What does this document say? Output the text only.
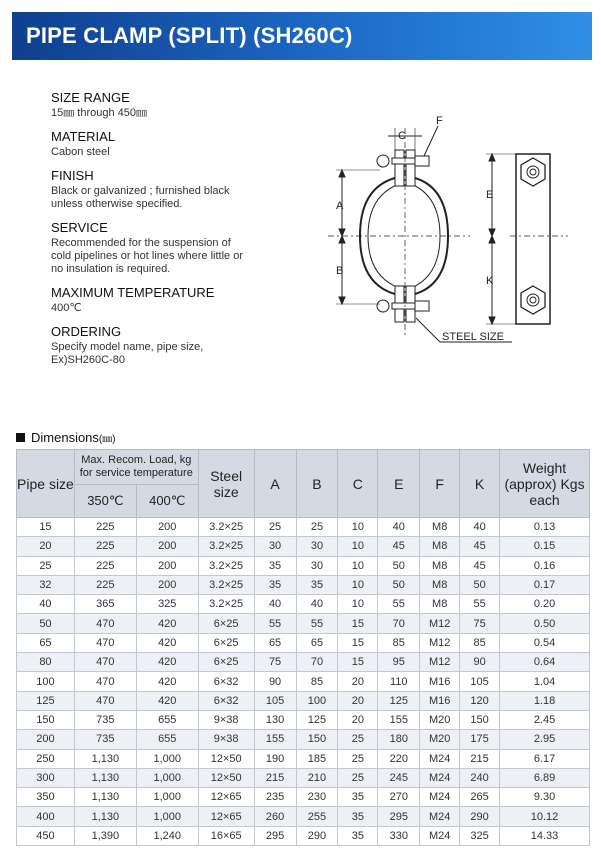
PIPE CLAMP (SPLIT) (SH260C)
SIZE RANGE
15㎜ through 450㎜
MATERIAL
Cabon steel
FINISH
Black or galvanized ; furnished black
unless otherwise specified.
SERVICE
Recommended for the suspension of
cold pipelines or hot lines where little or
no insulation is required.
MAXIMUM TEMPERATURE
400℃
ORDERING
Specify model name, pipe size,
Ex)SH260C-80
C
F
A
B
E
K
STEEL SIZE
Dimensions(㎜)
Pipe size	Max. Recom. Load, kg for service temperature		Steel size	A	B	C	E	F	K	Weight (approx) Kgs each
	350℃	400℃								
15	225	200	3.2×25	25	25	10	40	M8	40	0.13
20	225	200	3.2×25	30	30	10	45	M8	45	0.15
25	225	200	3.2×25	35	30	10	50	M8	45	0.16
32	225	200	3.2×25	35	35	10	50	M8	50	0.17
40	365	325	3.2×25	40	40	10	55	M8	55	0.20
50	470	420	6×25	55	55	15	70	M12	75	0.50
65	470	420	6×25	65	65	15	85	M12	85	0.54
80	470	420	6×25	75	70	15	95	M12	90	0.64
100	470	420	6×32	90	85	20	110	M16	105	1.04
125	470	420	6×32	105	100	20	125	M16	120	1.18
150	735	655	9×38	130	125	20	155	M20	150	2.45
200	735	655	9×38	155	150	25	180	M20	175	2.95
250	1,130	1,000	12×50	190	185	25	220	M24	215	6.17
300	1,130	1,000	12×50	215	210	25	245	M24	240	6.89
350	1,130	1,000	12×65	235	230	35	270	M24	265	9.30
400	1,130	1,000	12×65	260	255	35	295	M24	290	10.12
450	1,390	1,240	16×65	295	290	35	330	M24	325	14.33
